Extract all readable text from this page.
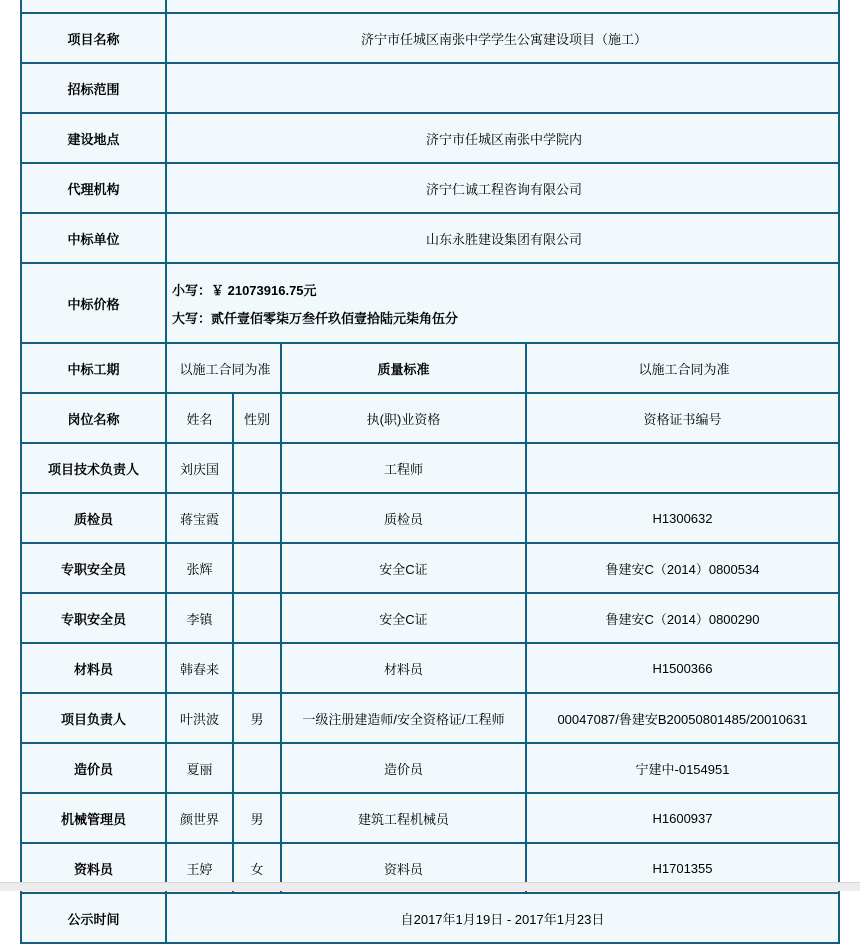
项目名称	济宁市任城区南张中学学生公寓建设项目（施工）			
招标范围				
建设地点	济宁市任城区南张中学院内			
代理机构	济宁仁诚工程咨询有限公司			
中标单位	山东永胜建设集团有限公司			
中标价格	小写：￥ 21073916.75元
大写：贰仟壹佰零柒万叁仟玖佰壹拾陆元柒角伍分			

中标工期	以施工合同为准		质量标准	以施工合同为准
岗位名称	姓名	性别	执(职)业资格	资格证书编号
项目技术负责人	刘庆国		工程师	
质检员	蒋宝霞		质检员	H1300632
专职安全员	张辉		安全C证	鲁建安C（2014）0800534
专职安全员	李镇		安全C证	鲁建安C（2014）0800290
材料员	韩春来		材料员	H1500366
项目负责人	叶洪波	男	一级注册建造师/安全资格证/工程师	00047087/鲁建安B20050801485/20010631
造价员	夏丽		造价员	宁建中-0154951
机械管理员	颜世界	男	建筑工程机械员	H1600937
资料员	王婷	女	资料员	H1701355
公示时间	自2017年1月19日 - 2017年1月23日			
